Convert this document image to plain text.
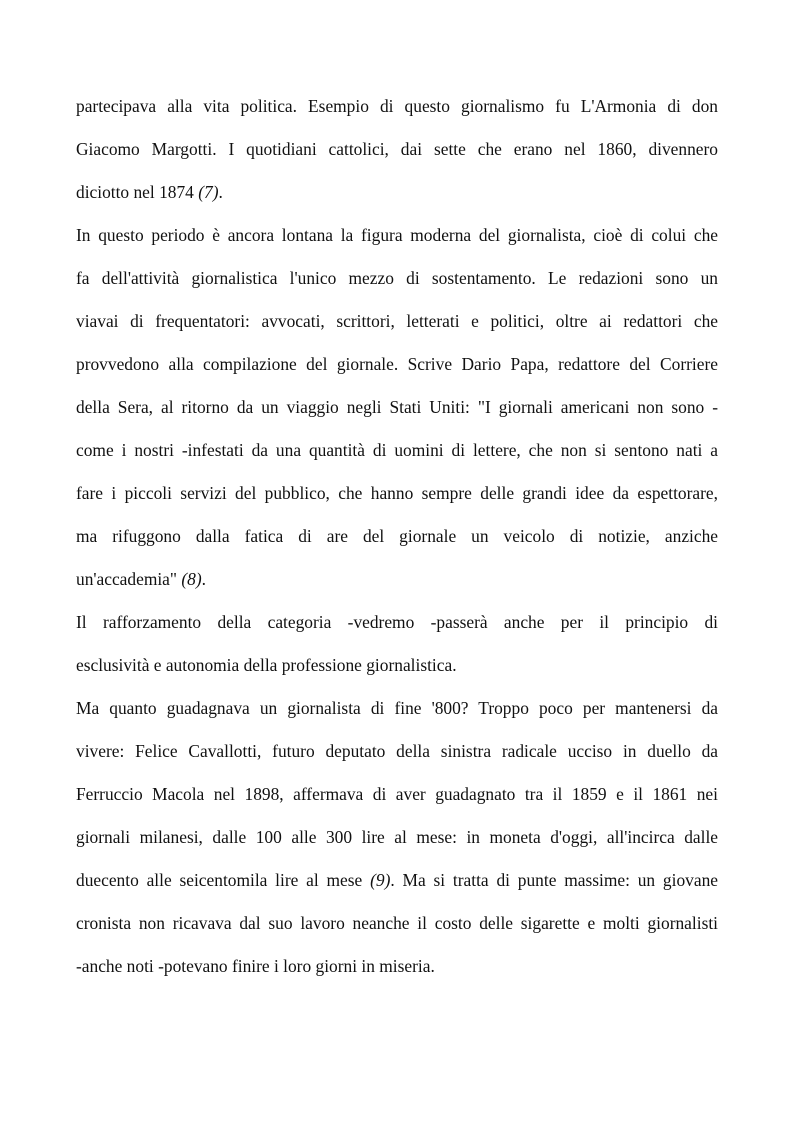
partecipava alla vita politica. Esempio di questo giornalismo fu L'Armonia di don
Giacomo Margotti. I quotidiani cattolici, dai sette che erano nel 1860, divennero
diciotto nel 1874 (7).
In questo periodo è ancora lontana la figura moderna del giornalista, cioè di colui che
fa dell'attività giornalistica l'unico mezzo di sostentamento. Le redazioni sono un
viavai di frequentatori: avvocati, scrittori, letterati e politici, oltre ai redattori che
provvedono alla compilazione del giornale. Scrive Dario Papa, redattore del Corriere
della Sera, al ritorno da un viaggio negli Stati Uniti: "I giornali americani non sono -
come i nostri -infestati da una quantità di uomini di lettere, che non si sentono nati a
fare i piccoli servizi del pubblico, che hanno sempre delle grandi idee da espettorare,
ma rifuggono dalla fatica di are del giornale un veicolo di notizie, anziche
un'accademia" (8).
Il rafforzamento della categoria -vedremo -passerà anche per il principio di
esclusività e autonomia della professione giornalistica.
Ma quanto guadagnava un giornalista di fine '800? Troppo poco per mantenersi da
vivere: Felice Cavallotti, futuro deputato della sinistra radicale ucciso in duello da
Ferruccio Macola nel 1898, affermava di aver guadagnato tra il 1859 e il 1861 nei
giornali milanesi, dalle 100 alle 300 lire al mese: in moneta d'oggi, all'incirca dalle
duecento alle seicentomila lire al mese (9). Ma si tratta di punte massime: un giovane
cronista non ricavava dal suo lavoro neanche il costo delle sigarette e molti giornalisti
-anche noti -potevano finire i loro giorni in miseria.
